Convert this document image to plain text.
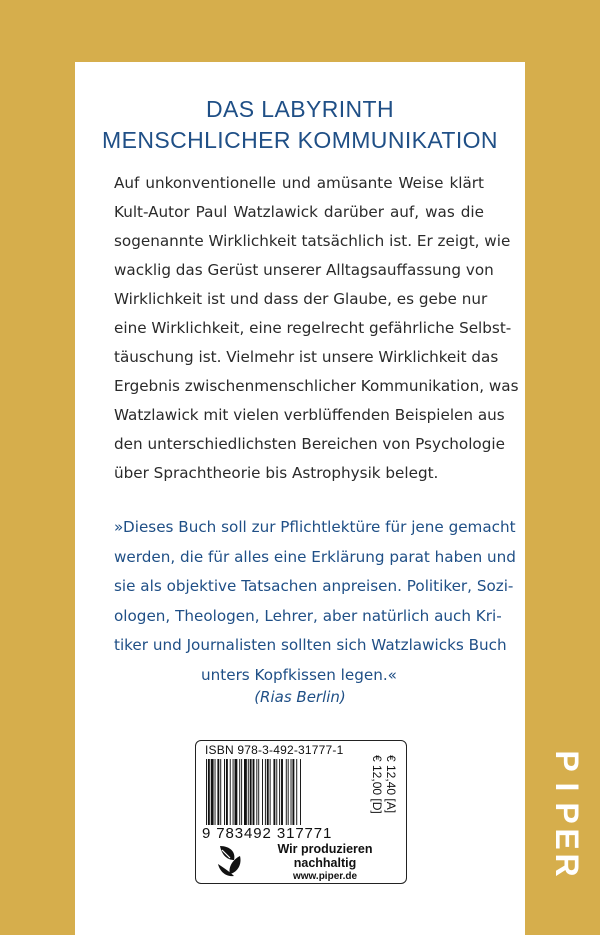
DAS LABYRINTH
MENSCHLICHER KOMMUNIKATION
Auf unkonventionelle und amüsante Weise klärt
Kult-Autor Paul Watzlawick darüber auf, was die
sogenannte Wirklichkeit tatsächlich ist. Er zeigt, wie
wacklig das Gerüst unserer Alltagsauffassung von
Wirklichkeit ist und dass der Glaube, es gebe nur
eine Wirklichkeit, eine regelrecht gefährliche Selbst-
täuschung ist. Vielmehr ist unsere Wirklichkeit das
Ergebnis zwischenmenschlicher Kommunikation, was
Watzlawick mit vielen verblüffenden Beispielen aus
den unterschiedlichsten Bereichen von Psychologie
über Sprachtheorie bis Astrophysik belegt.
»Dieses Buch soll zur Pflichtlektüre für jene gemacht
werden, die für alles eine Erklärung parat haben und
sie als objektive Tatsachen anpreisen. Politiker, Sozi-
ologen, Theologen, Lehrer, aber natürlich auch Kri-
tiker und Journalisten sollten sich Watzlawicks Buch
unters Kopfkissen legen.«
(Rias Berlin)
ISBN 978-3-492-31777-1
9 783492 317771
€ 12,00 [D] € 12,40 [A]
Wir produzieren
nachhaltig
www.piper.de
P
I
P
E
R
